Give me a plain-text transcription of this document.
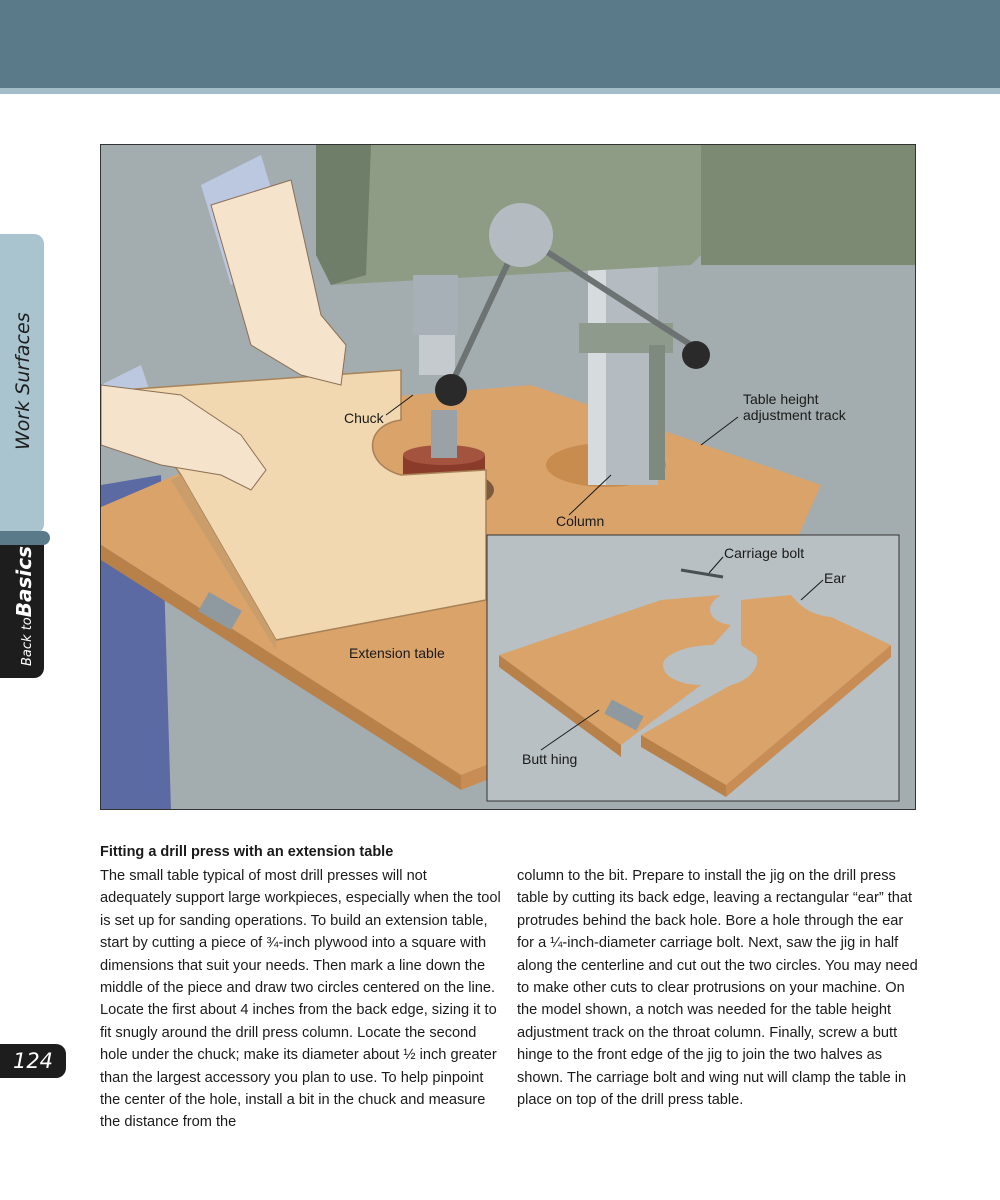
Work Surfaces
Back toBasics
124
Chuck
Table height adjustment track
Column
Extension table
Carriage bolt
Ear
Butt hing
Fitting a drill press with an extension table

The small table typical of most drill presses will not adequately support large workpieces, especially when the tool is set up for sanding operations. To build an extension table, start by cutting a piece of ¾-inch plywood into a square with dimensions that suit your needs. Then mark a line down the middle of the piece and draw two circles centered on the line. Locate the first about 4 inches from the back edge, sizing it to fit snugly around the drill press column. Locate the second hole under the chuck; make its diameter about ½ inch greater than the largest accessory you plan to use. To help pinpoint the center of the hole, install a bit in the chuck and measure the distance from the

column to the bit. Prepare to install the jig on the drill press table by cutting its back edge, leaving a rectangular “ear” that protrudes behind the back hole. Bore a hole through the ear for a ¼-inch-diameter carriage bolt. Next, saw the jig in half along the centerline and cut out the two circles. You may need to make other cuts to clear protrusions on your machine. On the model shown, a notch was needed for the table height adjustment track on the throat column. Finally, screw a butt hinge to the front edge of the jig to join the two halves as shown. The carriage bolt and wing nut will clamp the table in place on top of the drill press table.
